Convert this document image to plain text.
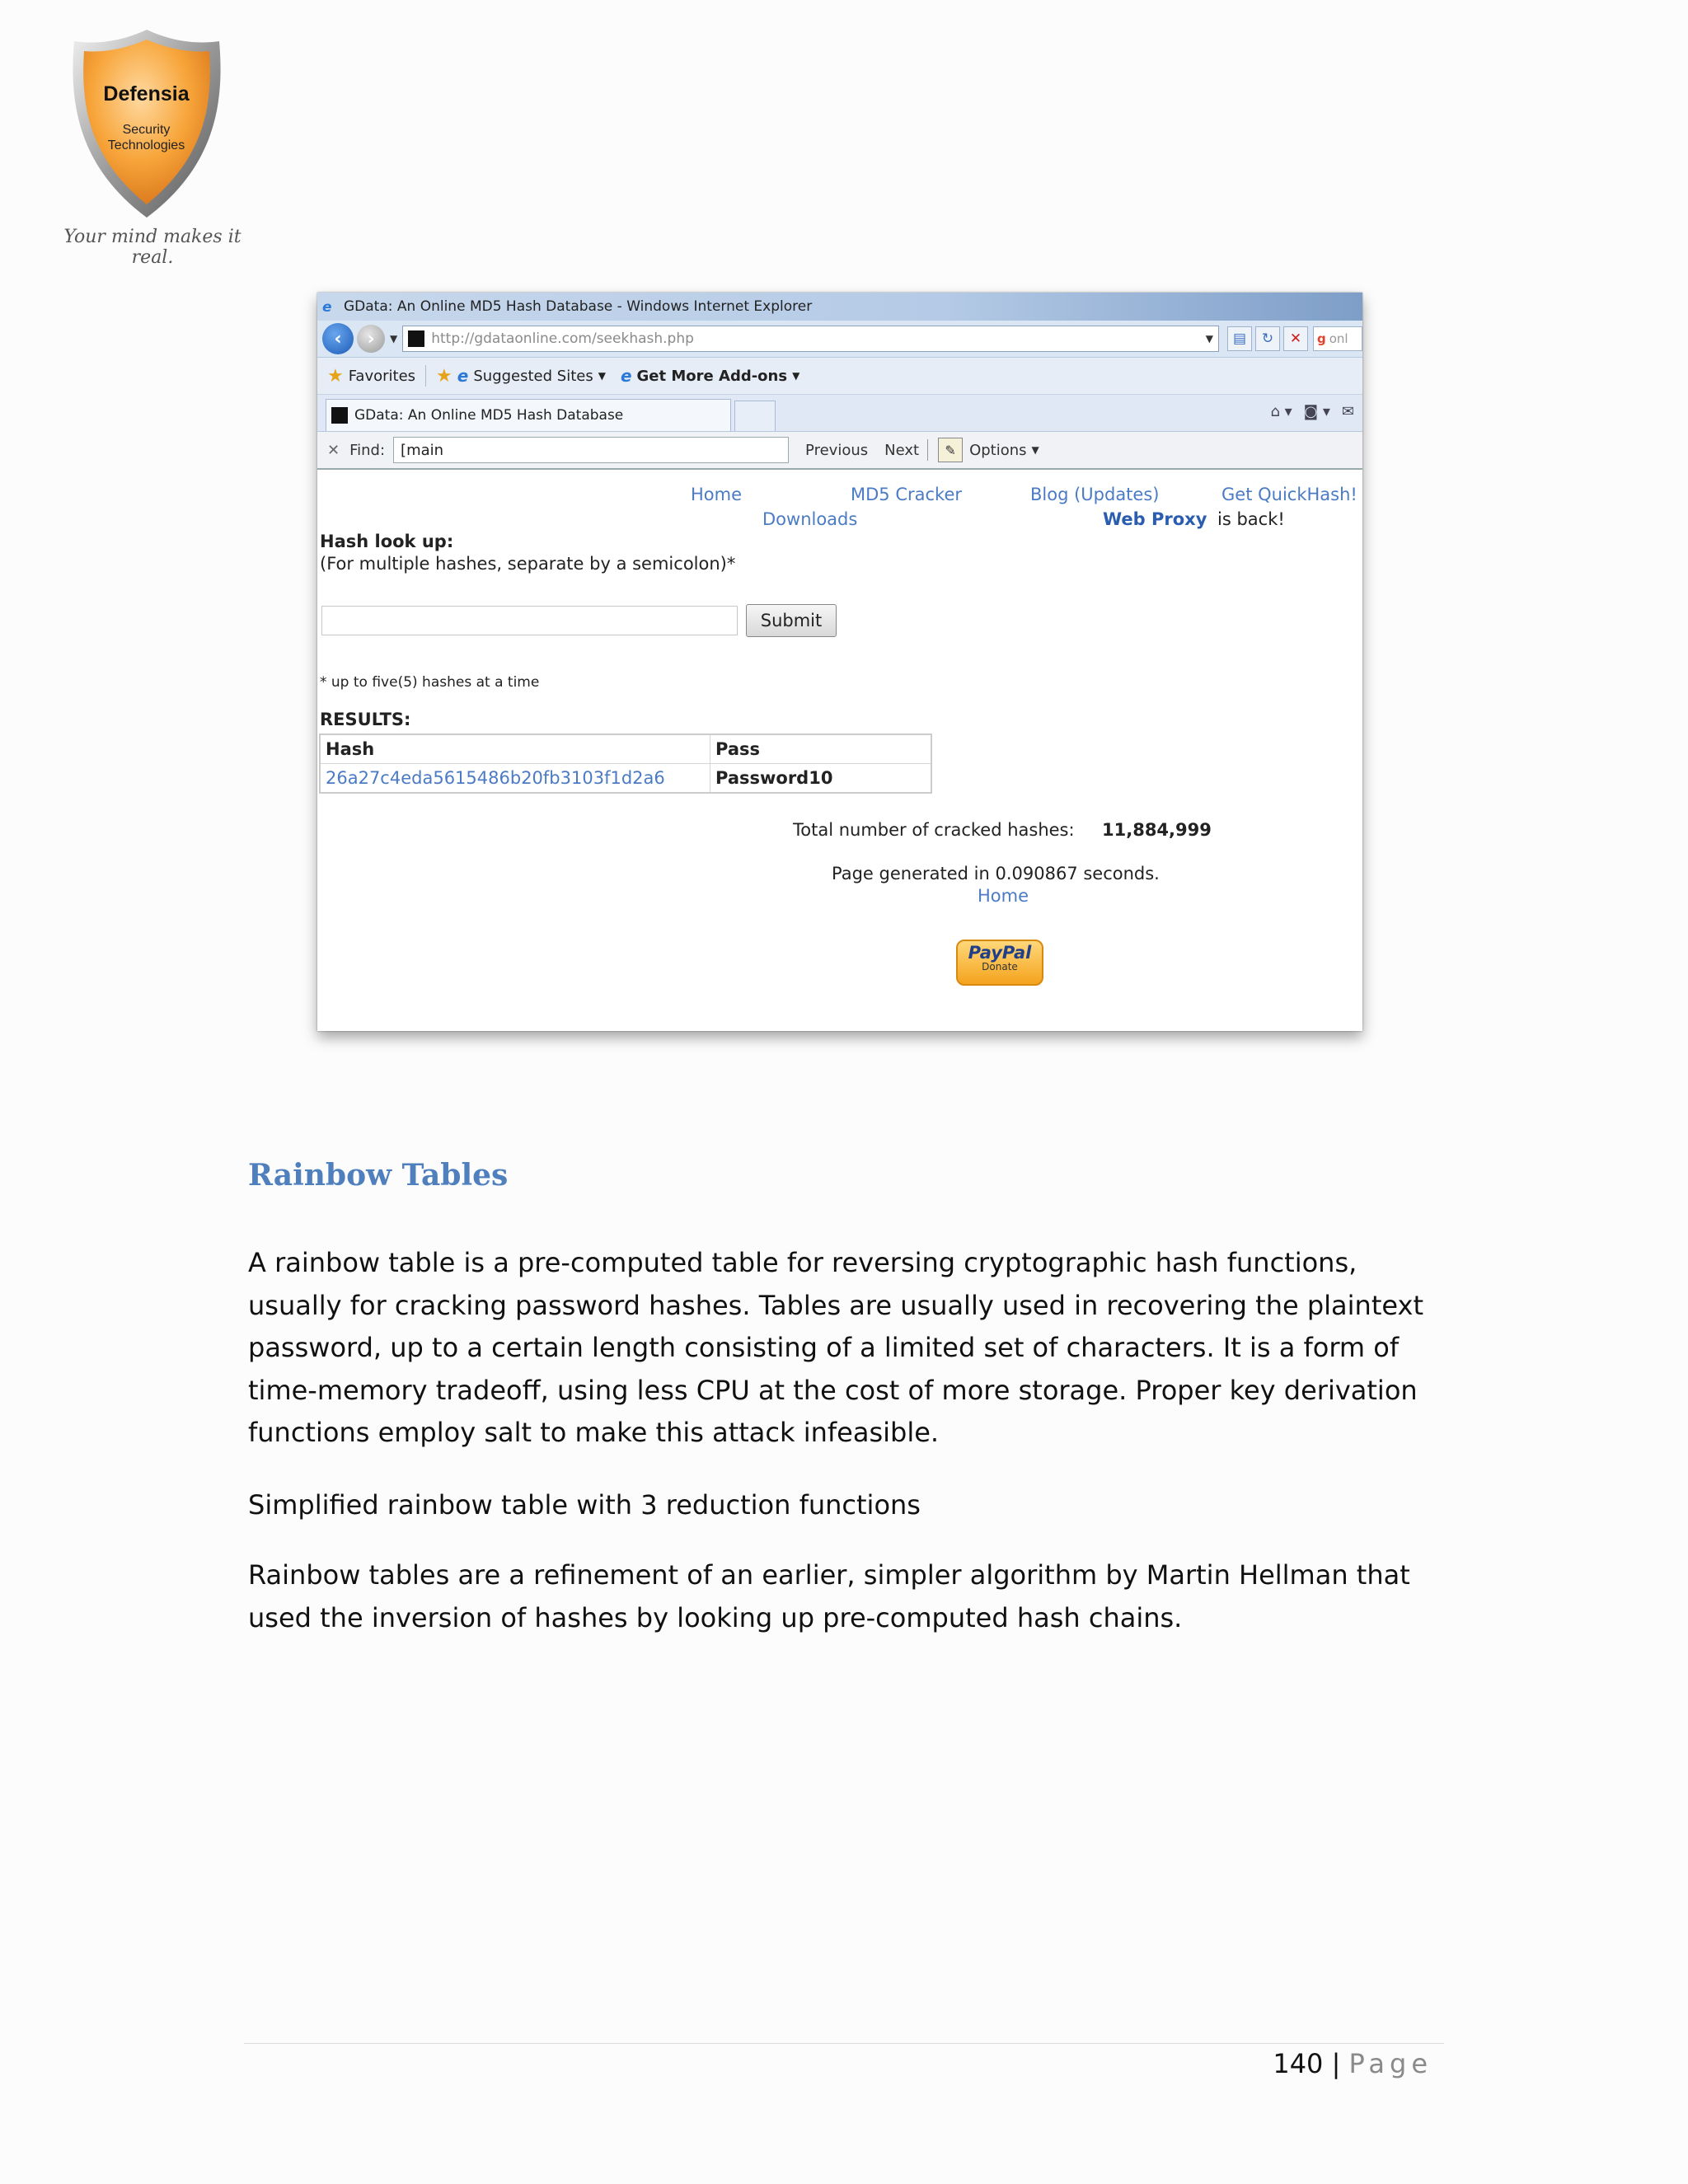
Defensia
Security
Technologies
Your mind makes it real.
e GData: An Online MD5 Hash Database - Windows Internet Explorer
‹	›	▼ http://gdataonline.com /seekhash.php	▼	▤	↻	✕	g onl
★ Favorites ★ e Suggested Sites ▼ e Get More Add-ons ▼
GData: An Online MD5 Hash Database	⌂ ▾ ◙ ▾ ✉
✕ Find: [main	Previous Next	✎ Options ▼
Home	MD5 Cracker	Blog (Updates)	Get QuickHash!
Downloads	Web Proxy is back!
Hash look up:
(For multiple hashes, separate by a semicolon)*
Submit
* up to five(5) hashes at a time
RESULTS:
Hash	Pass
26a27c4eda5615486b20fb3103f1d2a6	Password10
Total number of cracked hashes: 11,884,999
Page generated in 0.090867 seconds.
Home
PayPal
Donate
Rainbow Tables
A rainbow table is a pre-computed table for reversing cryptographic hash functions, usually for cracking password hashes. Tables are usually used in recovering the plaintext password, up to a certain length consisting of a limited set of characters. It is a form of time-memory tradeoff, using less CPU at the cost of more storage. Proper key derivation functions employ salt to make this attack infeasible.
Simplified rainbow table with 3 reduction functions
Rainbow tables are a refinement of an earlier, simpler algorithm by Martin Hellman that used the inversion of hashes by looking up pre-computed hash chains.
140 | Page
